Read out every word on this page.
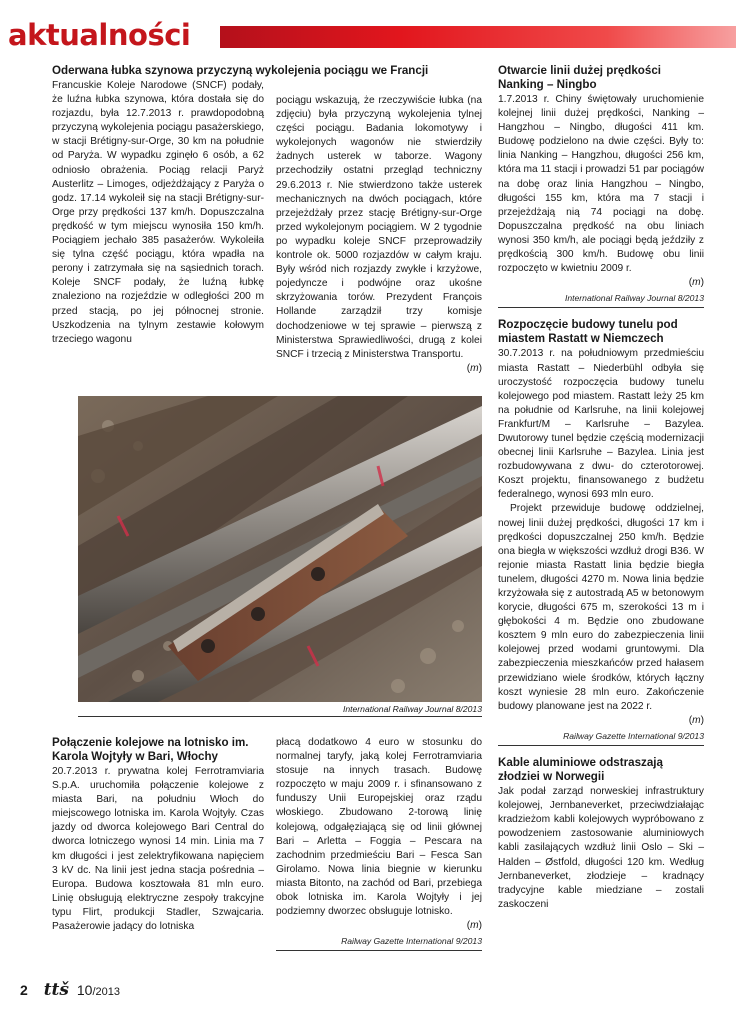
aktualności
Oderwana łubka szynowa przyczyną wykolejenia pociągu we Francji

Francuskie Koleje Narodowe (SNCF) podały, że luźna łubka szynowa, która dostała się do rozjazdu, była 12.7.2013 r. prawdopodobną przyczyną wykolejenia pociągu pasażerskiego, w stacji Brétigny-sur-Orge, 30 km na południe od Paryża. W wypadku zginęło 6 osób, a 62 odniosło obrażenia. Pociąg relacji Paryż Austerlitz – Limoges, odjeżdżający z Paryża o godz. 17.14 wykoleił się na stacji Brétigny-sur-Orge przy prędkości 137 km/h. Dopuszczalna prędkość w tym miejscu wynosiła 150 km/h. Pociągiem jechało 385 pasażerów. Wykoleiła się tylna część pociągu, która wpadła na perony i zatrzymała się na sąsiednich torach. Koleje SNCF podały, że luźną łubkę znaleziono na rozjeździe w odległości 200 m przed stacją, po jej północnej stronie. Uszkodzenia na tylnym zestawie kołowym trzeciego wagonu

pociągu wskazują, że rzeczywiście łubka (na zdjęciu) była przyczyną wykolejenia tylnej części pociągu. Badania lokomotywy i wykolejonych wagonów nie stwierdziły żadnych usterek w taborze. Wagony przechodziły ostatni przegląd techniczny 29.6.2013 r. Nie stwierdzono także usterek mechanicznych na dwóch pociągach, które przejeżdżały przez stację Brétigny-sur-Orge przed wykolejonym pociągiem. W 2 tygodnie po wypadku koleje SNCF przeprowadziły kontrole ok. 5000 rozjazdów w całym kraju. Były wśród nich rozjazdy zwykłe i krzyżowe, pojedyncze i podwójne oraz ukośne skrzyżowania torów. Prezydent François Hollande zarządził trzy komisje dochodzeniowe w tej sprawie – pierwszą z Ministerstwa Sprawiedliwości, drugą z kolei SNCF i trzecią z Ministerstwa Transportu.

(m)
International Railway Journal 8/2013
Połączenie kolejowe na lotnisko im. Karola Wojtyły w Bari, Włochy

20.7.2013 r. prywatna kolej Ferrotramviaria S.p.A. uruchomiła połączenie kolejowe z miasta Bari, na południu Włoch do miejscowego lotniska im. Karola Wojtyły. Czas jazdy od dworca kolejowego Bari Central do dworca lotniczego wynosi 14 min. Linia ma 7 km długości i jest zelektryfikowana napięciem 3 kV dc. Na linii jest jedna stacja pośrednia – Europa. Budowa kosztowała 81 mln euro. Linię obsługują elektryczne zespoły trakcyjne typu Flirt, produkcji Stadler, Szwajcaria. Pasażerowie jadący do lotniska

płacą dodatkowo 4 euro w stosunku do normalnej taryfy, jaką kolej Ferrotramviaria stosuje na innych trasach. Budowę rozpoczęto w maju 2009 r. i sfinansowano z funduszy Unii Europejskiej oraz rządu włoskiego. Zbudowano 2-torową linię kolejową, odgałęziającą się od linii głównej Bari – Arletta – Foggia – Pescara na zachodnim przedmieściu Bari – Fesca San Girolamo. Nowa linia biegnie w kierunku miasta Bitonto, na zachód od Bari, przebiega obok lotniska im. Karola Wojtyły i jej podziemny dworzec obsługuje lotnisko.

(m)
Railway Gazette International 9/2013
Otwarcie linii dużej prędkości Nanking – Ningbo

1.7.2013 r. Chiny świętowały uruchomienie kolejnej linii dużej prędkości, Nanking – Hangzhou – Ningbo, długości 411 km. Budowę podzielono na dwie części. Były to: linia Nanking – Hangzhou, długości 256 km, która ma 11 stacji i prowadzi 51 par pociągów na dobę oraz linia Hangzhou – Ningbo, długości 155 km, która ma 7 stacji i przejeżdżają nią 74 pociągi na dobę. Dopuszczalna prędkość na obu liniach wynosi 350 km/h, ale pociągi będą jeździły z prędkością 300 km/h. Budowę obu linii rozpoczęto w kwietniu 2009 r.

(m)
International Railway Journal 8/2013
Rozpoczęcie budowy tunelu pod miastem Rastatt w Niemczech

30.7.2013 r. na południowym przedmieściu miasta Rastatt – Niederbühl odbyła się uroczystość rozpoczęcia budowy tunelu kolejowego pod miastem. Rastatt leży 25 km na południe od Karlsruhe, na linii kolejowej Frankfurt/M – Karlsruhe – Bazylea. Dwutorowy tunel będzie częścią modernizacji obecnej linii Karlsruhe – Bazylea. Linia jest rozbudowywana z dwu- do czterotorowej. Koszt projektu, finansowanego z budżetu federalnego, wynosi 693 mln euro.

Projekt przewiduje budowę oddzielnej, nowej linii dużej prędkości, długości 17 km i prędkości dopuszczalnej 250 km/h. Będzie ona biegła w większości wzdłuż drogi B36. W rejonie miasta Rastatt linia będzie biegła tunelem, długości 4270 m. Nowa linia będzie krzyżowała się z autostradą A5 w betonowym korycie, długości 675 m, szerokości 13 m i głębokości 4 m. Będzie ono zbudowane kosztem 9 mln euro do zabezpieczenia linii kolejowej przed wodami gruntowymi. Dla zabezpieczenia mieszkańców przed hałasem przewidziano wiele środków, których łączny koszt wyniesie 28 mln euro. Zakończenie budowy planowane jest na 2022 r.

(m)
Railway Gazette International 9/2013
Kable aluminiowe odstraszają złodziei w Norwegii

Jak podał zarząd norweskiej infrastruktury kolejowej, Jernbaneverket, przeciwdziałając kradzieżom kabli kolejowych wypróbowano z powodzeniem zastosowanie aluminiowych kabli zasilających wzdłuż linii Oslo – Ski – Halden – Østfold, długości 120 km. Według Jernbaneverket, złodzieje – kradnący tradycyjne kable miedziane – zostali zaskoczeni

2 ttš 10/2013
